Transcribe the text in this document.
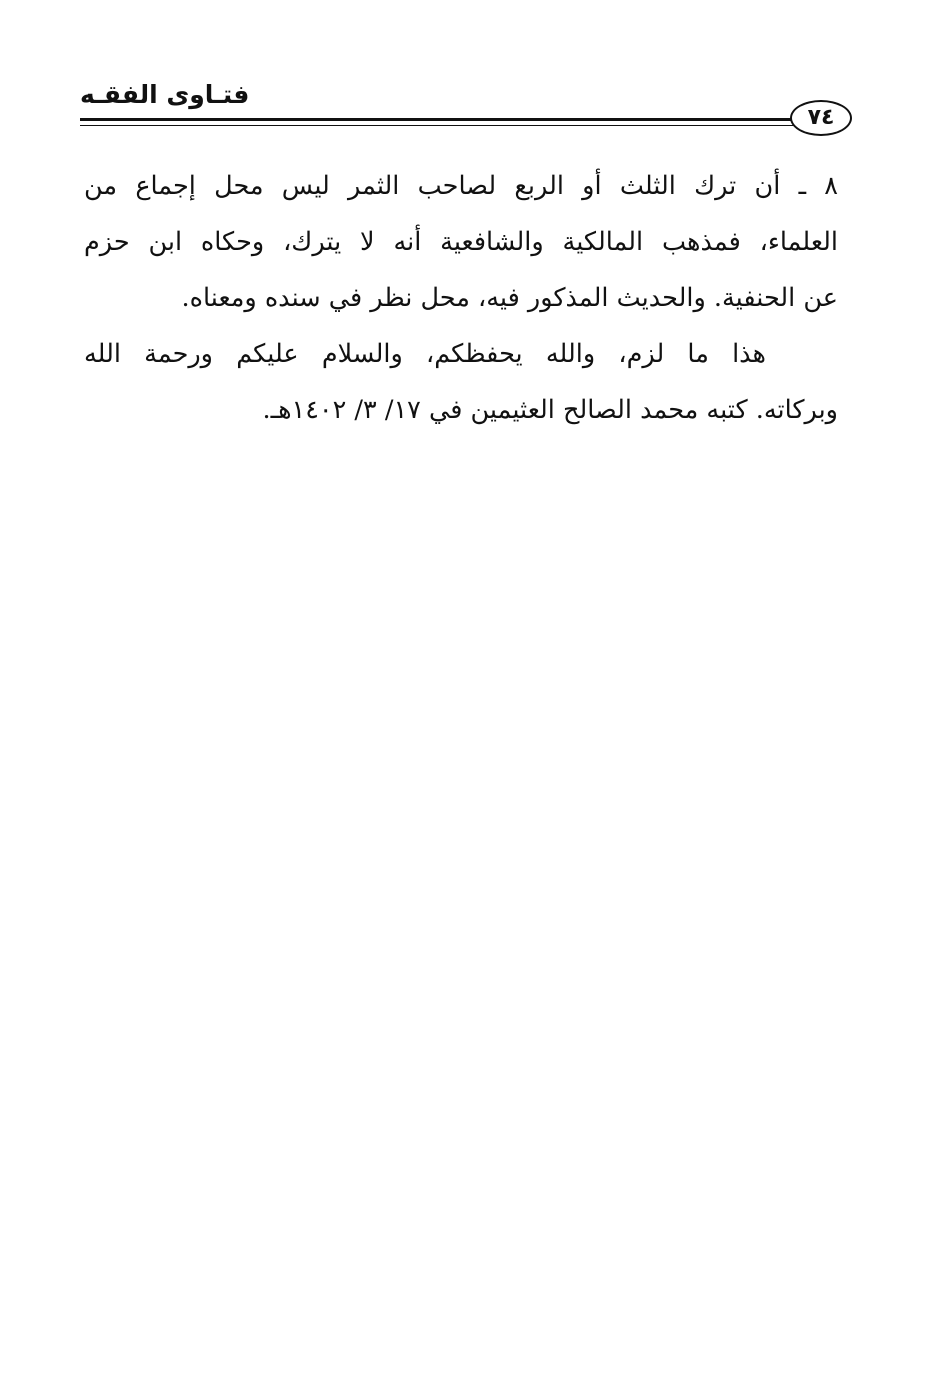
فتـاوى الفقـه
٧٤
٨ ـ أن ترك الثلث أو الربع لصاحب الثمر ليس محل إجماع من
العلماء، فمذهب المالكية والشافعية أنه لا يترك، وحكاه ابن حزم
عن الحنفية. والحديث المذكور فيه، محل نظر في سنده ومعناه.
هذا ما لزم، والله يحفظكم، والسلام عليكم ورحمة الله
وبركاته. كتبه محمد الصالح العثيمين في ١٧/ ٣/ ١٤٠٢هـ.
